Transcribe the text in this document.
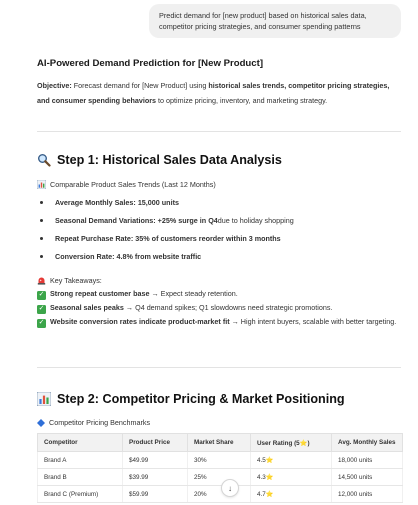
Predict demand for [new product] based on historical sales data, competitor pricing strategies, and consumer spending patterns
AI-Powered Demand Prediction for [New Product]
Objective: Forecast demand for [New Product] using historical sales trends, competitor pricing strategies, and consumer spending behaviors to optimize pricing, inventory, and marketing strategy.
Step 1: Historical Sales Data Analysis
Comparable Product Sales Trends (Last 12 Months)
Average Monthly Sales: 15,000 units
Seasonal Demand Variations: +25% surge in Q4 due to holiday shopping
Repeat Purchase Rate: 35% of customers reorder within 3 months
Conversion Rate: 4.8% from website traffic
Key Takeaways:
✓ Strong repeat customer base → Expect steady retention.
✓ Seasonal sales peaks → Q4 demand spikes; Q1 slowdowns need strategic promotions.
✓ Website conversion rates indicate product-market fit → High intent buyers, scalable with better targeting.
Step 2: Competitor Pricing & Market Positioning
Competitor Pricing Benchmarks
Competitor	Product Price	Market Share	User Rating (5⭐)	Avg. Monthly Sales
Brand A	$49.99	30%	4.5⭐	18,000 units
Brand B	$39.99	25%	4.3⭐	14,500 units
Brand C (Premium)	$59.99	20%	4.7⭐	12,000 units
↓
